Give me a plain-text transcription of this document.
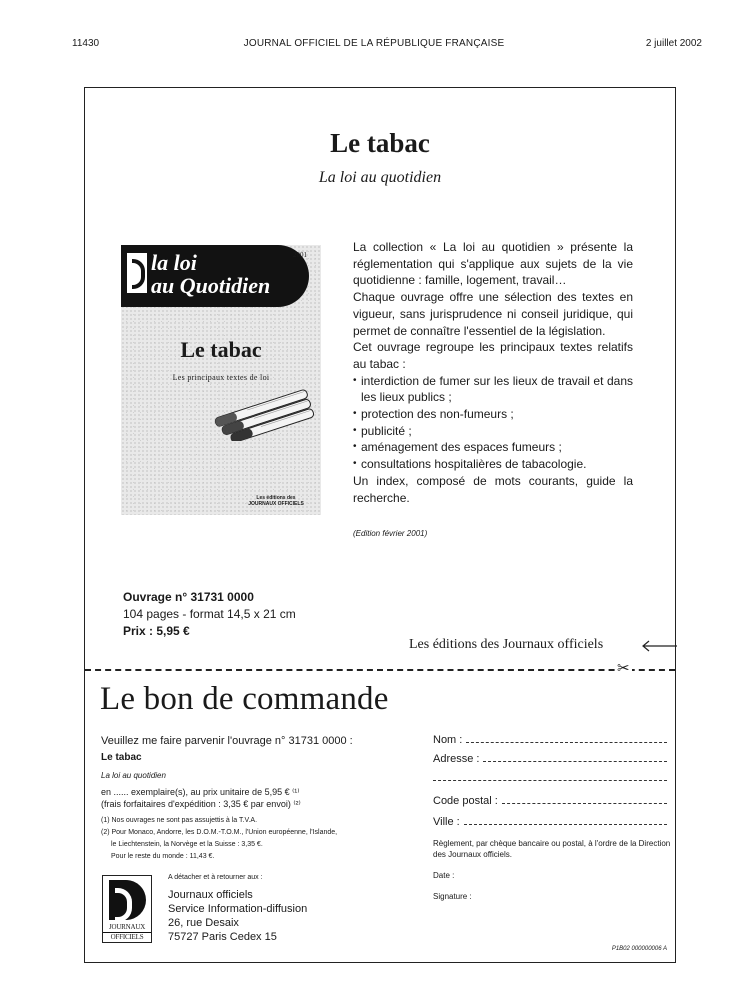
11430	JOURNAL OFFICIEL DE LA RÉPUBLIQUE FRANÇAISE	2 juillet 2002
Le tabac
La loi au quotidien
la loi
au Quotidien
2001
Le tabac
Les principaux textes de loi
Les éditions des
JOURNAUX OFFICIELS

La collection « La loi au quotidien » présente la réglementation qui s'applique aux sujets de la vie quotidienne : famille, logement, travail…

Chaque ouvrage offre une sélection des textes en vigueur, sans jurisprudence ni conseil juridique, qui permet de connaître l'essentiel de la législation.

Cet ouvrage regroupe les principaux textes relatifs au tabac :

• interdiction de fumer sur les lieux de travail et dans les lieux publics ;
• protection des non-fumeurs ;
• publicité ;
• aménagement des espaces fumeurs ;
• consultations hospitalières de tabacologie.

Un index, composé de mots courants, guide la recherche.

(Edition février 2001)
Ouvrage n° 31731 0000
104 pages - format 14,5 x 21 cm
Prix : 5,95 €
Les éditions des Journaux officiels
✂
Le bon de commande
Veuillez me faire parvenir l'ouvrage n° 31731 0000 :
Le tabac
La loi au quotidien
en ...... exemplaire(s), au prix unitaire de 5,95 € ⁽¹⁾
(frais forfaitaires d'expédition : 3,35 € par envoi) ⁽²⁾
(1) Nos ouvrages ne sont pas assujettis à la T.V.A.
(2) Pour Monaco, Andorre, les D.O.M.-T.O.M., l'Union européenne, l'Islande,
le Liechtenstein, la Norvège et la Suisse : 3,35 €.
Pour le reste du monde : 11,43 €.
Nom :
Adresse :
Code postal :
Ville :
Règlement, par chèque bancaire ou postal, à l'ordre de la Direction des Journaux officiels.
Date :
Signature :
A détacher et à retourner aux :
JOURNAUX
OFFICIELS
Journaux officiels
Service Information-diffusion
26, rue Desaix
75727 Paris Cedex 15
P1B02 000000006 A
